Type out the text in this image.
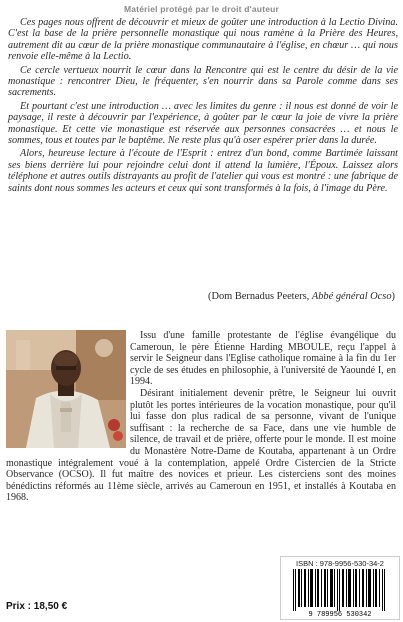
Matériel protégé par le droit d'auteur

Ces pages nous offrent de découvrir et mieux de goûter une introduction à la Lectio Divina. C'est la base de la prière personnelle monastique qui nous ramène à la Prière des Heures, autrement dit au cœur de la prière monastique communautaire à l'église, en chœur … qui nous renvoie elle-même à la Lectio.

Ce cercle vertueux nourrit le cœur dans la Rencontre qui est le centre du désir de la vie monastique : rencontrer Dieu, le fréquenter, s'en nourrir dans sa Parole comme dans ses sacrements.

Et pourtant c'est une introduction … avec les limites du genre : il nous est donné de voir le paysage, il reste à découvrir par l'expérience, à goûter par le cœur la joie de vivre la prière monastique. Et cette vie monastique est réservée aux personnes consacrées … et nous le sommes, tous et toutes par le baptême. Ne reste plus qu'à oser espérer prier dans la durée.

Alors, heureuse lecture à l'écoute de l'Esprit : entrez d'un bond, comme Bartimée laissant ses biens derrière lui pour rejoindre celui dont il attend la lumière, l'Époux. Laissez alors téléphone et autres outils distrayants au profit de l'atelier qui vous est montré : une fabrique de saints dont nous sommes les acteurs et ceux qui sont transformés à la fois, à l'image du Père.

(Dom Bernadus Peeters, Abbé général Ocso)

Issu d'une famille protestante de l'église évangélique du Cameroun, le père Étienne Harding MBOULE, reçu l'appel à servir le Seigneur dans l'Eglise catholique romaine à la fin du 1er cycle de ses études en philosophie, à l'université de Yaoundé I, en 1994.

Désirant initialement devenir prêtre, le Seigneur lui ouvrit plutôt les portes intérieures de la vocation monastique, pour qu'il lui fasse don plus radical de sa personne, vivant de l'unique suffisant : la recherche de sa Face, dans une vie humble de silence, de travail et de prière, offerte pour le monde. Il est moine du Monastère Notre-Dame de Koutaba, appartenant à un Ordre monastique intégralement voué à la contemplation, appelé Ordre Cistercien de la Stricte Observance (OCSO). Il fut maître des novices et prieur. Les cisterciens sont des moines bénédictins réformés au 11ème siècle, arrivés au Cameroun en 1951, et installés à Koutaba en 1968.

ISBN : 978-9956-530-34-2
9 789956 530342
Prix : 18,50 €
